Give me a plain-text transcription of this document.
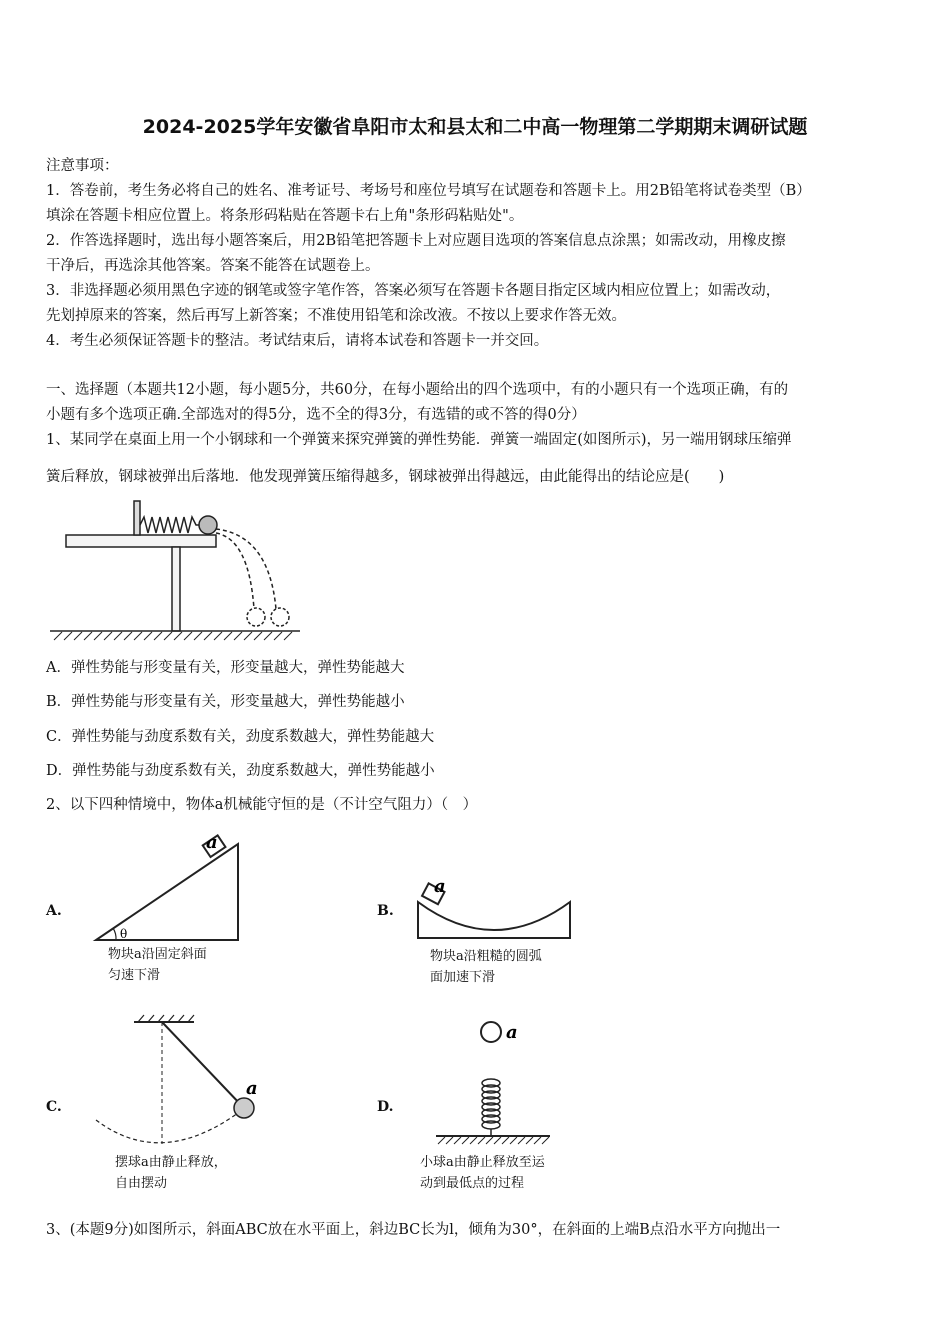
2024-2025学年安徽省阜阳市太和县太和二中高一物理第二学期期末调研试题
注意事项：
1．答卷前，考生务必将自己的姓名、准考证号、考场号和座位号填写在试题卷和答题卡上。用2B铅笔将试卷类型（B）
填涂在答题卡相应位置上。将条形码粘贴在答题卡右上角"条形码粘贴处"。
2．作答选择题时，选出每小题答案后，用2B铅笔把答题卡上对应题目选项的答案信息点涂黑；如需改动，用橡皮擦
干净后，再选涂其他答案。答案不能答在试题卷上。
3．非选择题必须用黑色字迹的钢笔或签字笔作答，答案必须写在答题卡各题目指定区域内相应位置上；如需改动，
先划掉原来的答案，然后再写上新答案；不准使用铅笔和涂改液。不按以上要求作答无效。
4．考生必须保证答题卡的整洁。考试结束后，请将本试卷和答题卡一并交回。
一、选择题（本题共12小题，每小题5分，共60分，在每小题给出的四个选项中，有的小题只有一个选项正确，有的
小题有多个选项正确.全部选对的得5分，选不全的得3分，有选错的或不答的得0分）
1、某同学在桌面上用一个小钢球和一个弹簧来探究弹簧的弹性势能．弹簧一端固定(如图所示)，另一端用钢球压缩弹
簧后释放，钢球被弹出后落地．他发现弹簧压缩得越多，钢球被弹出得越远，由此能得出的结论应是(　　)
A．弹性势能与形变量有关，形变量越大，弹性势能越大
B．弹性势能与形变量有关，形变量越大，弹性势能越小
C．弹性势能与劲度系数有关，劲度系数越大，弹性势能越大
D．弹性势能与劲度系数有关，劲度系数越大，弹性势能越小
2、以下四种情境中，物体a机械能守恒的是（不计空气阻力）（　）
A.	B.
C.	D.
θ
a
物块a沿固定斜面
匀速下滑
a
物块a沿粗糙的圆弧
面加速下滑
a
摆球a由静止释放，
自由摆动
a
小球a由静止释放至运
动到最低点的过程
3、(本题9分)如图所示，斜面ABC放在水平面上，斜边BC长为l，倾角为30°，在斜面的上端B点沿水平方向抛出一
